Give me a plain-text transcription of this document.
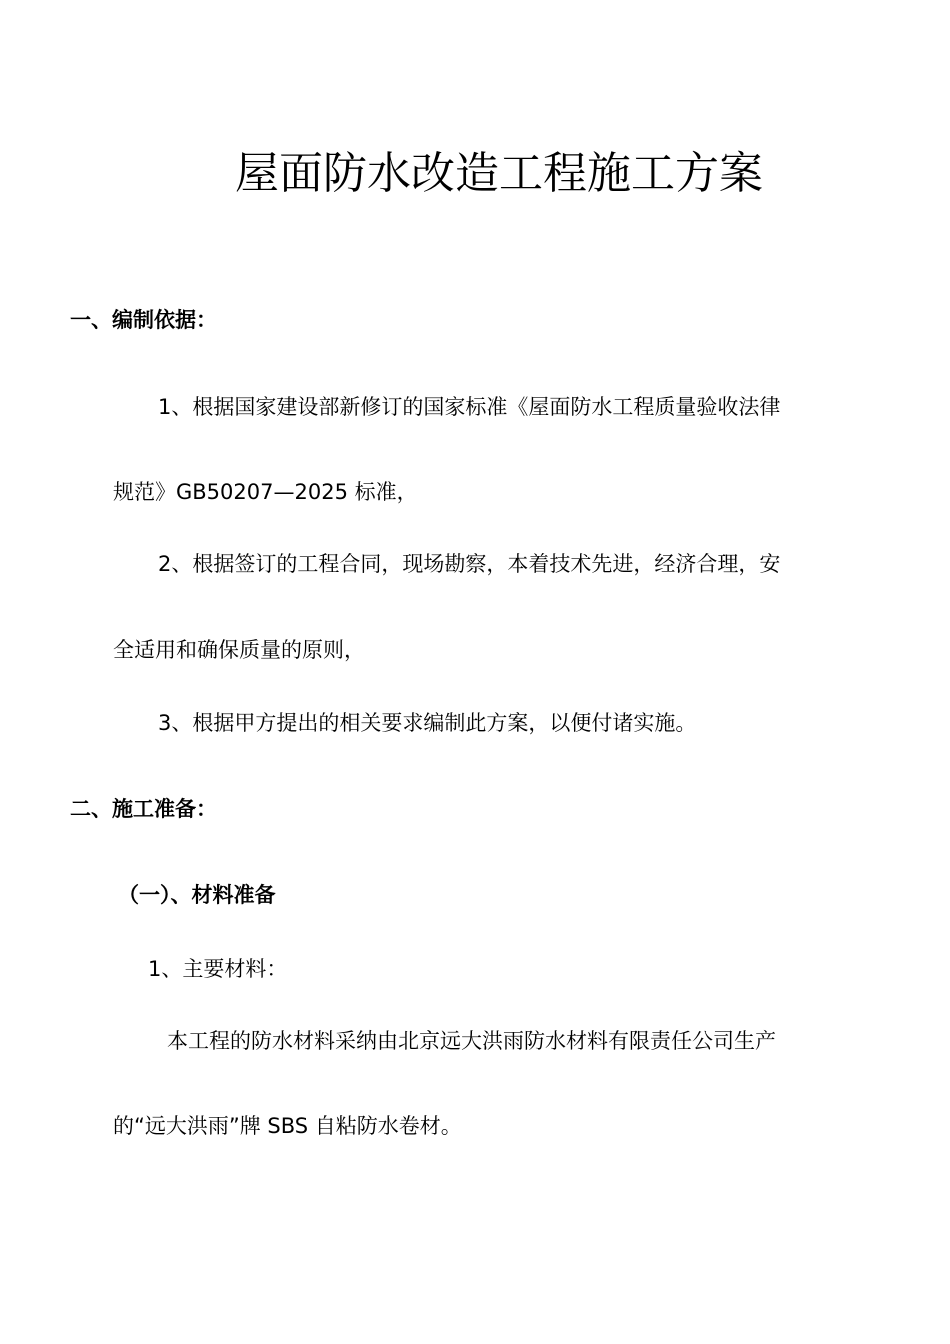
屋面防水改造工程施工方案
一、编制依据：

1、根据国家建设部新修订的国家标准《屋面防水工程质量验收法律

规范》GB50207—2025 标准，

2、根据签订的工程合同，现场勘察，本着技术先进，经济合理，安

全适用和确保质量的原则，

3、根据甲方提出的相关要求编制此方案，以便付诸实施。

二、施工准备：
（一）、材料准备

1、主要材料：

本工程的防水材料采纳由北京远大洪雨防水材料有限责任公司生产

的“远大洪雨”牌 SBS 自粘防水卷材。
